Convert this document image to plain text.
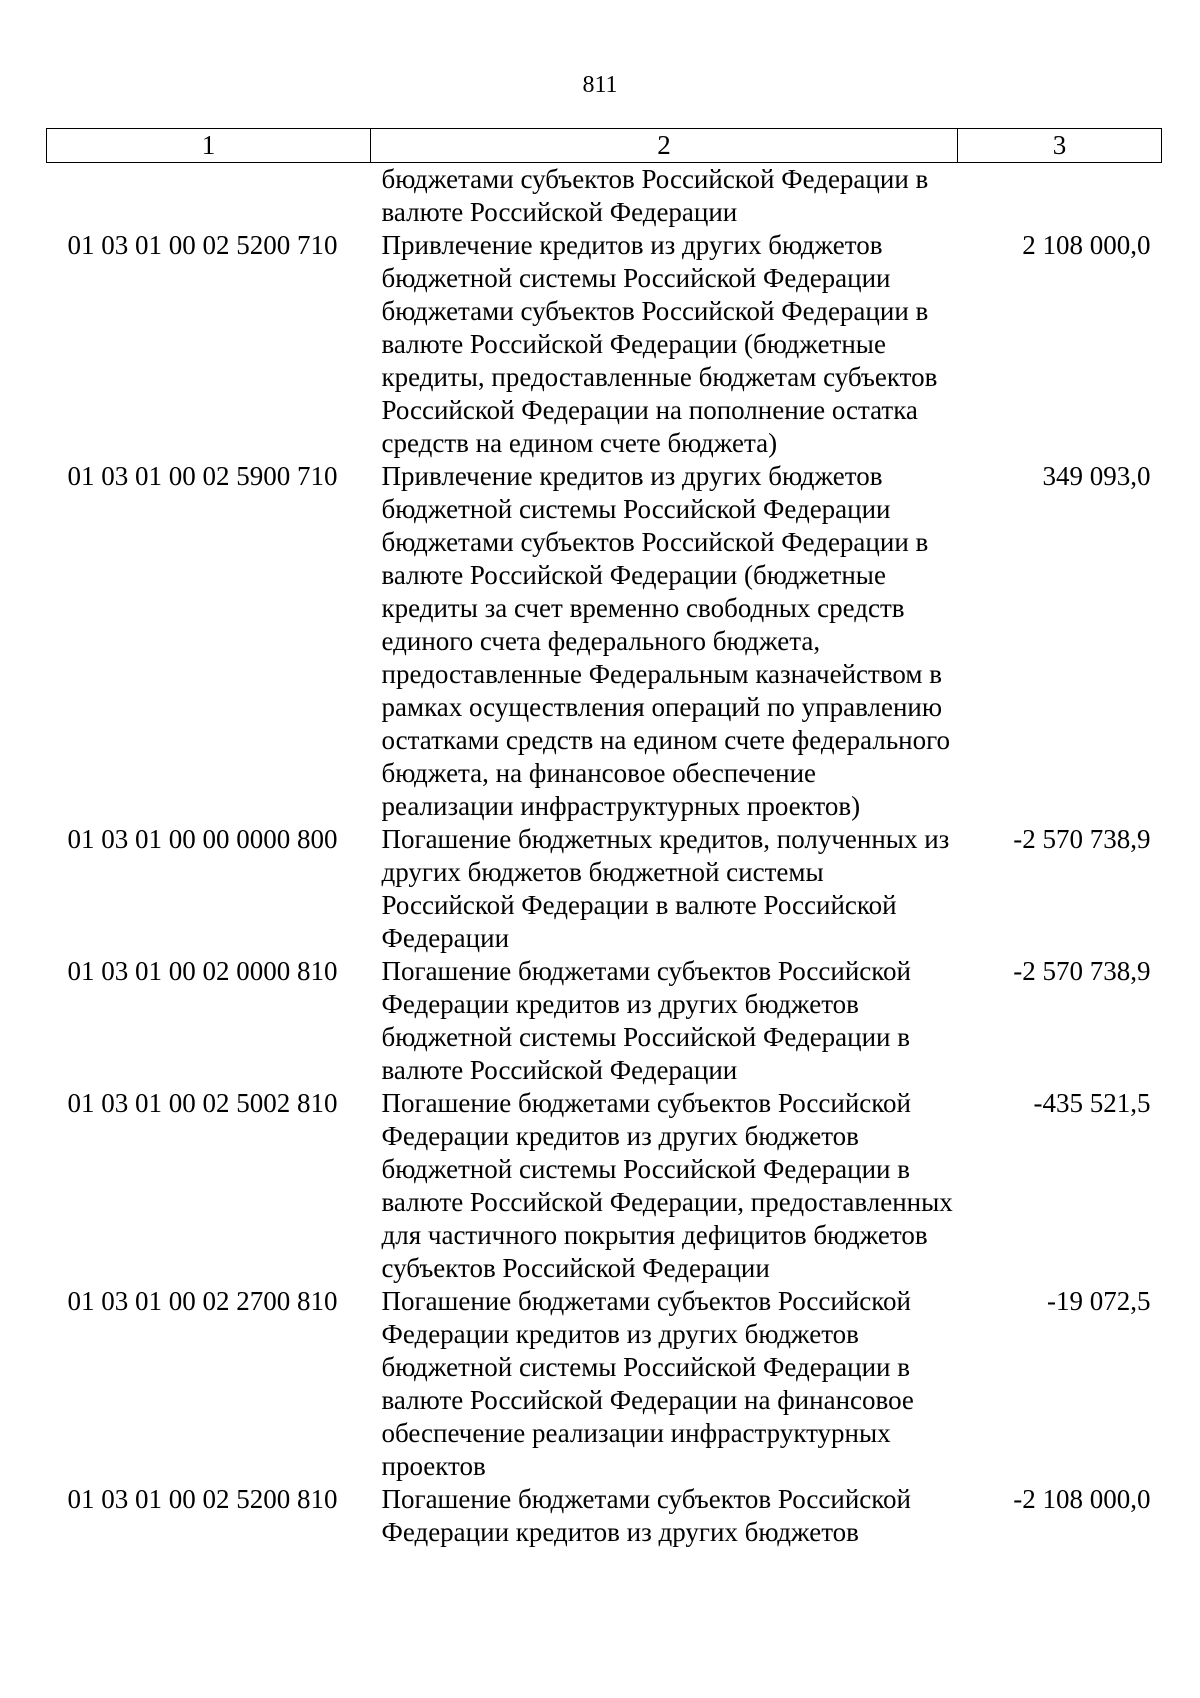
811
1	2	3
	бюджетами субъектов Российской Федерации в валюте Российской Федерации	
01 03 01 00 02 5200 710	Привлечение кредитов из других бюджетов бюджетной системы Российской Федерации бюджетами субъектов Российской Федерации в валюте Российской Федерации (бюджетные кредиты, предоставленные бюджетам субъектов Российской Федерации на пополнение остатка средств на едином счете бюджета)	2 108 000,0
01 03 01 00 02 5900 710	Привлечение кредитов из других бюджетов бюджетной системы Российской Федерации бюджетами субъектов Российской Федерации в валюте Российской Федерации (бюджетные кредиты за счет временно свободных средств единого счета федерального бюджета, предоставленные Федеральным казначейством в рамках осуществления операций по управлению остатками средств на едином счете федерального бюджета, на финансовое обеспечение реализации инфраструктурных проектов)	349 093,0
01 03 01 00 00 0000 800	Погашение бюджетных кредитов, полученных из других бюджетов бюджетной системы Российской Федерации в валюте Российской Федерации	-2 570 738,9
01 03 01 00 02 0000 810	Погашение бюджетами субъектов Российской Федерации кредитов из других бюджетов бюджетной системы Российской Федерации в валюте Российской Федерации	-2 570 738,9
01 03 01 00 02 5002 810	Погашение бюджетами субъектов Российской Федерации кредитов из других бюджетов бюджетной системы Российской Федерации в валюте Российской Федерации, предоставленных для частичного покрытия дефицитов бюджетов субъектов Российской Федерации	-435 521,5
01 03 01 00 02 2700 810	Погашение бюджетами субъектов Российской Федерации кредитов из других бюджетов бюджетной системы Российской Федерации в валюте Российской Федерации на финансовое обеспечение реализации инфраструктурных проектов	-19 072,5
01 03 01 00 02 5200 810	Погашение бюджетами субъектов Российской Федерации кредитов из других бюджетов	-2 108 000,0
